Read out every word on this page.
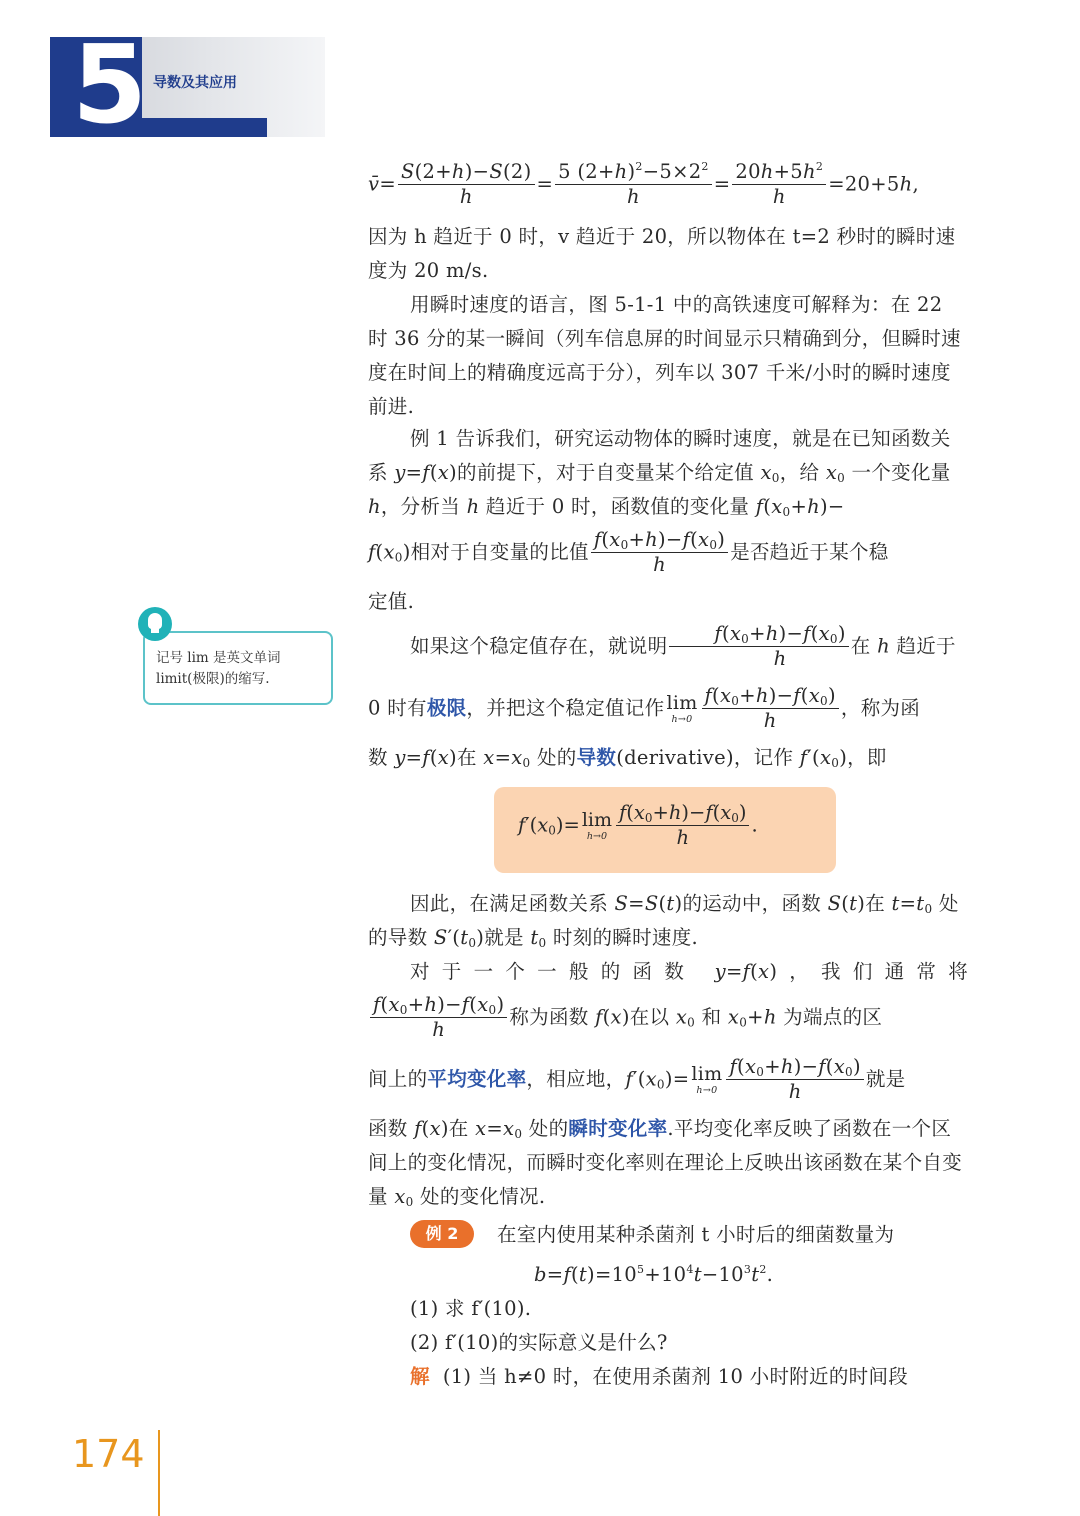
5 导数及其应用
v̄= $\frac{S(2+h)-S(2)}{h} = \frac{5 (2+h)^2-5\times 2^2}{h} = \frac{20h+5h^2}{h} =20+5h$,
因为 h 趋近于 0 时，v 趋近于 20，所以物体在 t=2 秒时的瞬时速度为 20 m/s.
用瞬时速度的语言，图 5-1-1 中的高铁速度可解释为：在 22 时 36 分的某一瞬间（列车信息屏的时间显示只精确到分，但瞬时速度在时间上的精确度远高于分），列车以 307 千米/小时的瞬时速度前进.
例 1 告诉我们，研究运动物体的瞬时速度，就是在已知函数关系 y=f(x)的前提下，对于自变量某个给定值 $x_0$，给 $x_0$ 一个变化量 h，分析当 h 趋近于 0 时，函数值的变化量 $f(x_0+h)-$
$f(x_0)$相对于自变量的比值 $\frac{f(x_0+h)-f(x_0)}{h}$ 是否趋近于某个稳
定值.
如果这个稳定值存在，就说明 $\frac{f(x_0+h)-f(x_0)}{h}$ 在 h 趋近于
0 时有极限，并把这个稳定值记作 lim
$h\to 0 \frac{f(x_0+h)-f(x_0)}{h}$ ，称为函
数 y=f(x)在 $x=x_0$ 处的导数(derivative)，记作 $f'(x_0)$，即
$f'(x_0)= \lim$
$h\to 0 \frac{f(x_0+h)-f(x_0)}{h}$ .
因此，在满足函数关系 S=S(t)的运动中，函数 S(t)在 $t=t_0$ 处的导数 $S'(t_0)$就是 $t_0$ 时刻的瞬时速度.
对于一个一般的函数 y=f(x)，我们通常将
$\frac{f(x_0+h)-f(x_0)}{h}$ 称为函数 f(x)在以 $x_0$ 和 $x_0+h$ 为端点的区
间上的平均变化率，相应地，$f'(x_0)= \lim$
$h\to 0 \frac{f(x_0+h)-f(x_0)}{h}$ 就是
函数 f(x)在 $x=x_0$ 处的瞬时变化率.平均变化率反映了函数在一个区间上的变化情况，而瞬时变化率则在理论上反映出该函数在某个自变量 $x_0$ 处的变化情况.
例 2	在室内使用某种杀菌剂 t 小时后的细菌数量为
$b=f(t)=10^5+10^4t-10^3t^2$.
(1) 求 f′(10).
(2) f′(10)的实际意义是什么?
解 (1) 当 h≠0 时，在使用杀菌剂 10 小时附近的时间段
记号 lim 是英文单词 limit(极限)的缩写.
174
